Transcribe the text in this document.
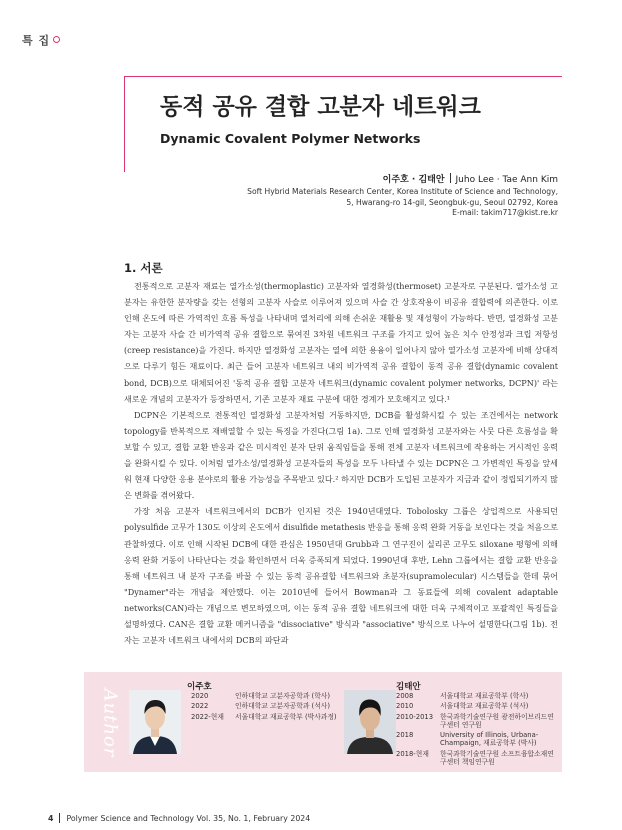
특 집
동적 공유 결합 고분자 네트워크
Dynamic Covalent Polymer Networks
이주호 · 김태안 Juho Lee · Tae Ann Kim
Soft Hybrid Materials Research Center, Korea Institute of Science and Technology,
5, Hwarang-ro 14-gil, Seongbuk-gu, Seoul 02792, Korea
E-mail: takim717@kist.re.kr
1. 서론

전통적으로 고분자 재료는 열가소성(thermoplastic) 고분자와 열경화성(thermoset) 고분자로 구분된다. 열가소성 고분자는 유한한 분자량을 갖는 선형의 고분자 사슬로 이루어져 있으며 사슬 간 상호작용이 비공유 결합력에 의존한다. 이로 인해 온도에 따른 가역적인 흐름 특성을 나타내며 열처리에 의해 손쉬운 재활용 및 재성형이 가능하다. 반면, 열경화성 고분자는 고분자 사슬 간 비가역적 공유 결합으로 묶여진 3차원 네트워크 구조를 가지고 있어 높은 치수 안정성과 크립 저항성(creep resistance)을 가진다. 하지만 열경화성 고분자는 열에 의한 용융이 일어나지 않아 열가소성 고분자에 비해 상대적으로 다루기 힘든 재료이다. 최근 들어 고분자 네트워크 내의 비가역적 공유 결합이 동적 공유 결합(dynamic covalent bond, DCB)으로 대체되어진 '동적 공유 결합 고분자 네트워크(dynamic covalent polymer networks, DCPN)' 라는 새로운 개념의 고분자가 등장하면서, 기존 고분자 재료 구분에 대한 경계가 모호해지고 있다.¹

DCPN은 기본적으로 전통적인 열경화성 고분자처럼 거동하지만, DCB를 활성화시킬 수 있는 조건에서는 network topology를 반복적으로 재배열할 수 있는 특징을 가진다(그림 1a). 그로 인해 열경화성 고분자와는 사뭇 다른 흐름성을 확보할 수 있고, 결합 교환 반응과 같은 미시적인 분자 단위 움직임들을 통해 전체 고분자 네트워크에 작용하는 거시적인 응력을 완화시킬 수 있다. 이처럼 열가소성/열경화성 고분자들의 특성을 모두 나타낼 수 있는 DCPN은 그 가변적인 특징을 앞세워 현재 다양한 응용 분야로의 활용 가능성을 주목받고 있다.² 하지만 DCB가 도입된 고분자가 지금과 같이 정립되기까지 많은 변화를 겪어왔다.

가장 처음 고분자 네트워크에서의 DCB가 인지된 것은 1940년대였다. Tobolosky 그룹은 상업적으로 사용되던 polysulfide 고무가 130도 이상의 온도에서 disulfide metathesis 반응을 통해 응력 완화 거동을 보인다는 것을 처음으로 관찰하였다. 이로 인해 시작된 DCB에 대한 관심은 1950년대 Grubb과 그 연구진이 실리콘 고무도 siloxane 평형에 의해 응력 완화 거동이 나타난다는 것을 확인하면서 더욱 증폭되게 되었다. 1990년대 후반, Lehn 그룹에서는 결합 교환 반응을 통해 네트워크 내 분자 구조를 바꿀 수 있는 동적 공유결합 네트워크와 초분자(supramolecular) 시스템들을 한데 묶어 "Dynamer"라는 개념을 제안했다. 이는 2010년에 들어서 Bowman과 그 동료들에 의해 covalent adaptable networks(CAN)라는 개념으로 변모하였으며, 이는 동적 공유 결합 네트워크에 대한 더욱 구체적이고 포괄적인 특징들을 설명하였다. CAN은 결합 교환 메커니즘을 "dissociative" 방식과 "associative" 방식으로 나누어 설명한다(그림 1b). 전자는 고분자 네트워크 내에서의 DCB의 파단과

Author
이주호
2020	인하대학교 고분자공학과 (학사)
2022	인하대학교 고분자공학과 (석사)
2022-현재	서울대학교 재료공학부 (박사과정)
김태안
2008	서울대학교 재료공학부 (학사)
2010	서울대학교 재료공학부 (석사)
2010-2013	한국과학기술연구원 광전하이브리드연구센터 연구원
2018	University of Illinois, Urbana-Champaign, 재료공학부 (박사)
2018-현재	한국과학기술연구원 소프트융합소재연구센터 책임연구원
4 Polymer Science and Technology Vol. 35, No. 1, February 2024
